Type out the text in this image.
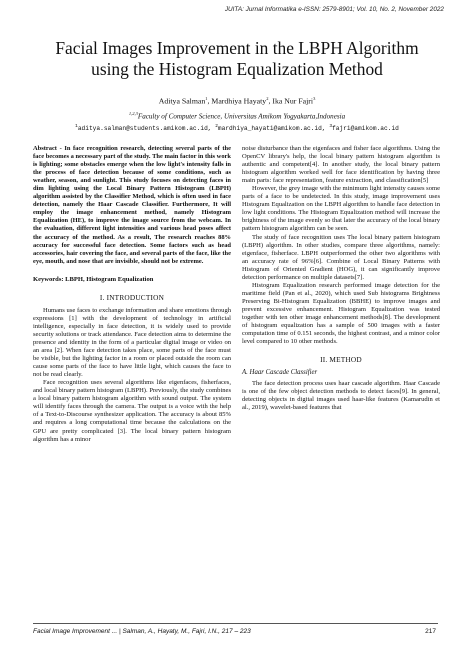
JUITA: Jurnal Informatika e-ISSN: 2579-8901; Vol. 10, No. 2, November 2022
Facial Images Improvement in the LBPH Algorithm
using the Histogram Equalization Method
Aditya Salman$^1$, Mardhiya Hayaty$^2$, Ika Nur Fajri$^3$
$^{1,2,3}$Faculty of Computer Science, Universitas Amikom Yogyakarta,Indonesia
$^1$aditya.salman@students.amikom.ac.id, $^2$mardhiya_hayati@amikom.ac.id, $^3$fajri@amikom.ac.id

Abstract - In face recognition research, detecting several parts of the face becomes a necessary part of the study. The main factor in this work is lighting; some obstacles emerge when the low light's intensity falls in the process of face detection because of some conditions, such as weather, season, and sunlight. This study focuses on detecting faces in dim lighting using the Local Binary Pattern Histogram (LBPH) algorithm assisted by the Classifier Method, which is often used in face detection, namely the Haar Cascade Classifier. Furthermore, It will employ the image enhancement method, namely Histogram Equalization (HE), to improve the image source from the webcam. In the evaluation, different light intensities and various head poses affect the accuracy of the method. As a result, The research reaches 88% accuracy for successful face detection. Some factors such as head accessories, hair covering the face, and several parts of the face, like the eye, mouth, and nose that are invisible, should not be extreme.

Keywords: LBPH, Histogram Equalization

I. INTRODUCTION

Humans use faces to exchange information and share emotions through expressions [1] with the development of technology in artificial intelligence, especially in face detection, it is widely used to provide security solutions or track attendance. Face detection aims to determine the presence and identity in the form of a particular digital image or video on an area [2]. When face detection takes place, some parts of the face must be visible, but the lighting factor in a room or placed outside the room can cause some parts of the face to have little light, which causes the face to not be read clearly.

Face recognition uses several algorithms like eigenfaces, fisherfaces, and local binary pattern histogram (LBPH). Previously, the study combines a local binary pattern histogram algorithm with sound output. The system will identify faces through the camera. The output is a voice with the help of a Text-to-Discourse synthesizer application. The accuracy is about 85% and requires a long computational time because the calculations on the GPU are pretty complicated [3]. The local binary pattern histogram algorithm has a minor

noise disturbance than the eigenfaces and fisher face algorithms. Using the OpenCV library's help, the local binary pattern histogram algorithm is authentic and competent[4]. In another study, the local binary pattern histogram algorithm worked well for face identification by having three main parts: face representation, feature extraction, and classification[5]

However, the grey image with the minimum light intensity causes some parts of a face to be undetected. In this study, image improvement uses Histogram Equalization on the LBPH algorithm to handle face detection in low light conditions. The Histogram Equalization method will increase the brightness of the image evenly so that later the accuracy of the local binary pattern histogram algorithm can be seen.

The study of face recognition uses The local binary pattern histogram (LBPH) algorithm. In other studies, compare three algorithms, namely: eigenface, fisherface. LBPH outperformed the other two algorithms with an accuracy rate of 96%[6]. Combine of Local Binary Patterns with Histogram of Oriented Gradient (HOG), it can significantly improve detection performance on multiple datasets[7].

Histogram Equalization research performed image detection for the maritime field (Pan et al., 2020), which used Sub histograms Brightness Preserving Bi-Histogram Equalization (BBHE) to improve images and prevent excessive enhancement. Histogram Equalization was tested together with ten other image enhancement methods[8]. The development of histogram equalization has a sample of 500 images with a faster computation time of 0.151 seconds, the highest contrast, and a minor color level compared to 10 other methods.

II. METHOD
A. Haar Cascade Classifier

The face detection process uses haar cascade algorithm. Haar Cascade is one of the few object detection methods to detect faces[9]. In general, detecting objects in digital images used haar-like features (Kamarudin et al., 2019), wavelet-based features that

Facial Image Improvement ... | Salman, A., Hayaty, M., Fajri, I.N., 217 – 223	217
